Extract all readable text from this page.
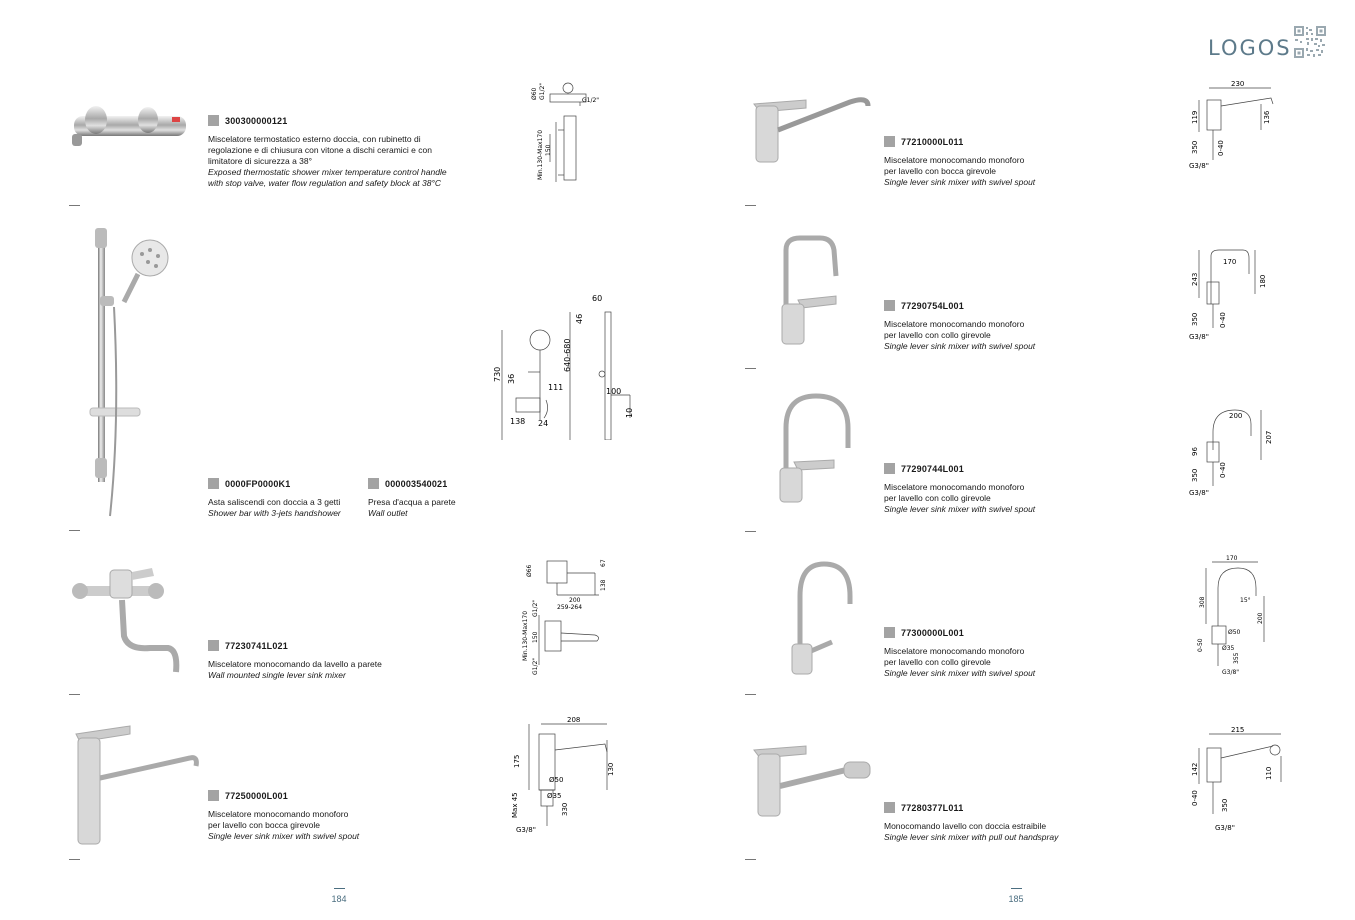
LOGOS
300300000121
Miscelatore termostatico esterno doccia, con rubinetto di
regolazione e di chiusura con vitone a dischi ceramici e con
limitatore di sicurezza a 38°
Exposed thermostatic shower mixer temperature control handle
with stop valve, water flow regulation and safety block at 38°C
Ø60 G1/2"
G1/2"
Min.130-Max170 150
0000FP0000K1
Asta saliscendi con doccia a 3 getti
Shower bar with 3-jets handshower
000003540021
Presa d'acqua a parete
Wall outlet
60
46
730 36
640-680
111	100
10
138 24
77230741L021
Miscelatore monocomando da lavello a parete
Wall mounted single lever sink mixer
Ø66
67
138
200
259-264
Min.130-Max170
G1/2"
150
G1/2"
77250000L001
Miscelatore monocomando monoforo
per lavello con bocca girevole
Single lever sink mixer with swivel spout
208
175
130
Ø50
Max 45	Ø35
330
G3/8"
184
77210000L011
Miscelatore monocomando monoforo
per lavello con bocca girevole
Single lever sink mixer with swivel spout
230
119	136
350	0-40
G3/8"
77290754L001
Miscelatore monocomando monoforo
per lavello con collo girevole
Single lever sink mixer with swivel spout
170
243	180
350	0-40
G3/8"
77290744L001
Miscelatore monocomando monoforo
per lavello con collo girevole
Single lever sink mixer with swivel spout
200
96
207
350	0-40
G3/8"
77300000L001
Miscelatore monocomando monoforo
per lavello con collo girevole
Single lever sink mixer with swivel spout
170
308	15°
200
Ø50
0-50	Ø35
355
G3/8"
77280377L011
Monocomando lavello con doccia estraibile
Single lever sink mixer with pull out handspray
215
142	110
0-40	350
G3/8"
185
